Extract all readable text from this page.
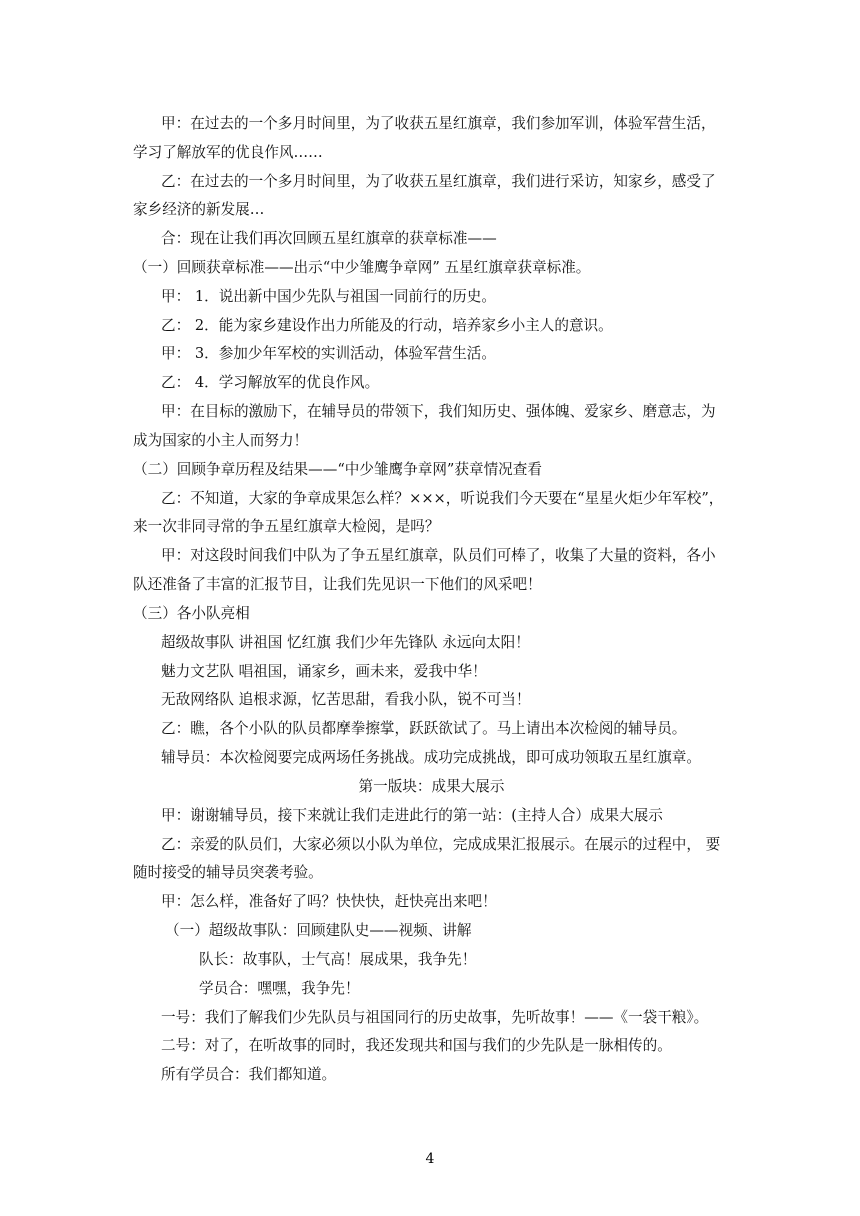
甲：在过去的一个多月时间里，为了收获五星红旗章，我们参加军训，体验军营生活，
学习了解放军的优良作风……
乙：在过去的一个多月时间里，为了收获五星红旗章，我们进行采访，知家乡，感受了
家乡经济的新发展…
合：现在让我们再次回顾五星红旗章的获章标准——
（一）回顾获章标准——出示“中少雏鹰争章网” 五星红旗章获章标准。
甲： 1．说出新中国少先队与祖国一同前行的历史。
乙： 2．能为家乡建设作出力所能及的行动，培养家乡小主人的意识。
甲： 3．参加少年军校的实训活动，体验军营生活。
乙： 4．学习解放军的优良作风。
甲：在目标的激励下，在辅导员的带领下，我们知历史、强体魄、爱家乡、磨意志，为
成为国家的小主人而努力！
（二）回顾争章历程及结果——“中少雏鹰争章网”获章情况查看
乙：不知道，大家的争章成果怎么样？×××，听说我们今天要在“星星火炬少年军校”，
来一次非同寻常的争五星红旗章大检阅，是吗？
甲：对这段时间我们中队为了争五星红旗章，队员们可棒了，收集了大量的资料，各小
队还准备了丰富的汇报节目，让我们先见识一下他们的风采吧！
（三）各小队亮相
超级故事队 讲祖国 忆红旗 我们少年先锋队 永远向太阳！
魅力文艺队 唱祖国，诵家乡，画未来，爱我中华！
无敌网络队 追根求源，忆苦思甜，看我小队，锐不可当！
乙：瞧，各个小队的队员都摩拳擦掌，跃跃欲试了。马上请出本次检阅的辅导员。
辅导员：本次检阅要完成两场任务挑战。成功完成挑战，即可成功领取五星红旗章。
第一版块：成果大展示
甲：谢谢辅导员，接下来就让我们走进此行的第一站：(主持人合）成果大展示
乙：亲爱的队员们，大家必须以小队为单位，完成成果汇报展示。在展示的过程中， 要
随时接受的辅导员突袭考验。
甲：怎么样，准备好了吗？快快快，赶快亮出来吧！
（一）超级故事队：回顾建队史——视频、讲解
队长：故事队，士气高！展成果，我争先！
学员合：嘿嘿，我争先！
一号：我们了解我们少先队员与祖国同行的历史故事，先听故事！——《一袋干粮》。
二号：对了，在听故事的同时，我还发现共和国与我们的少先队是一脉相传的。
所有学员合：我们都知道。
4
